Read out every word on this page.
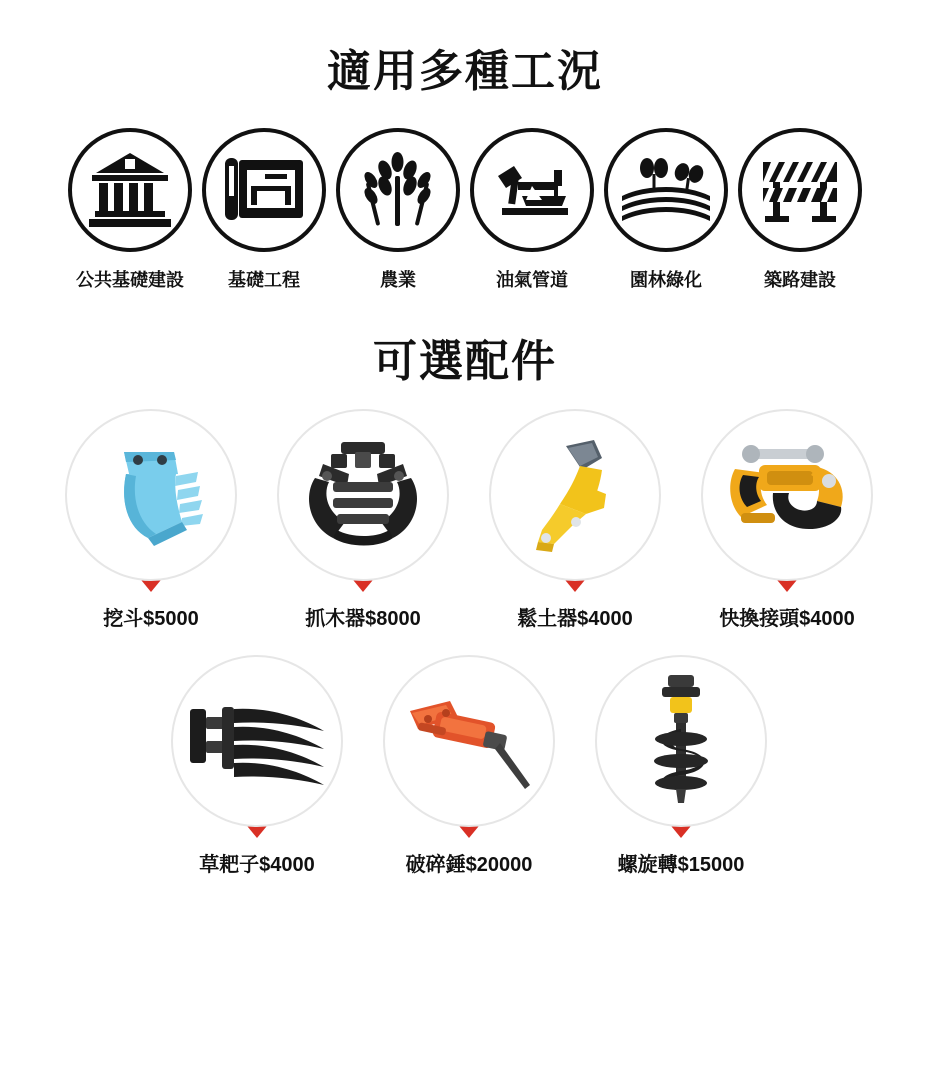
適用多種工況
公共基礎建設 基礎工程	農業	油氣管道	園林綠化	築路建設
可選配件
挖斗$5000	抓木器$8000	鬆土器$4000	快換接頭$4000
草耙子$4000	破碎錘$20000	螺旋轉$15000
